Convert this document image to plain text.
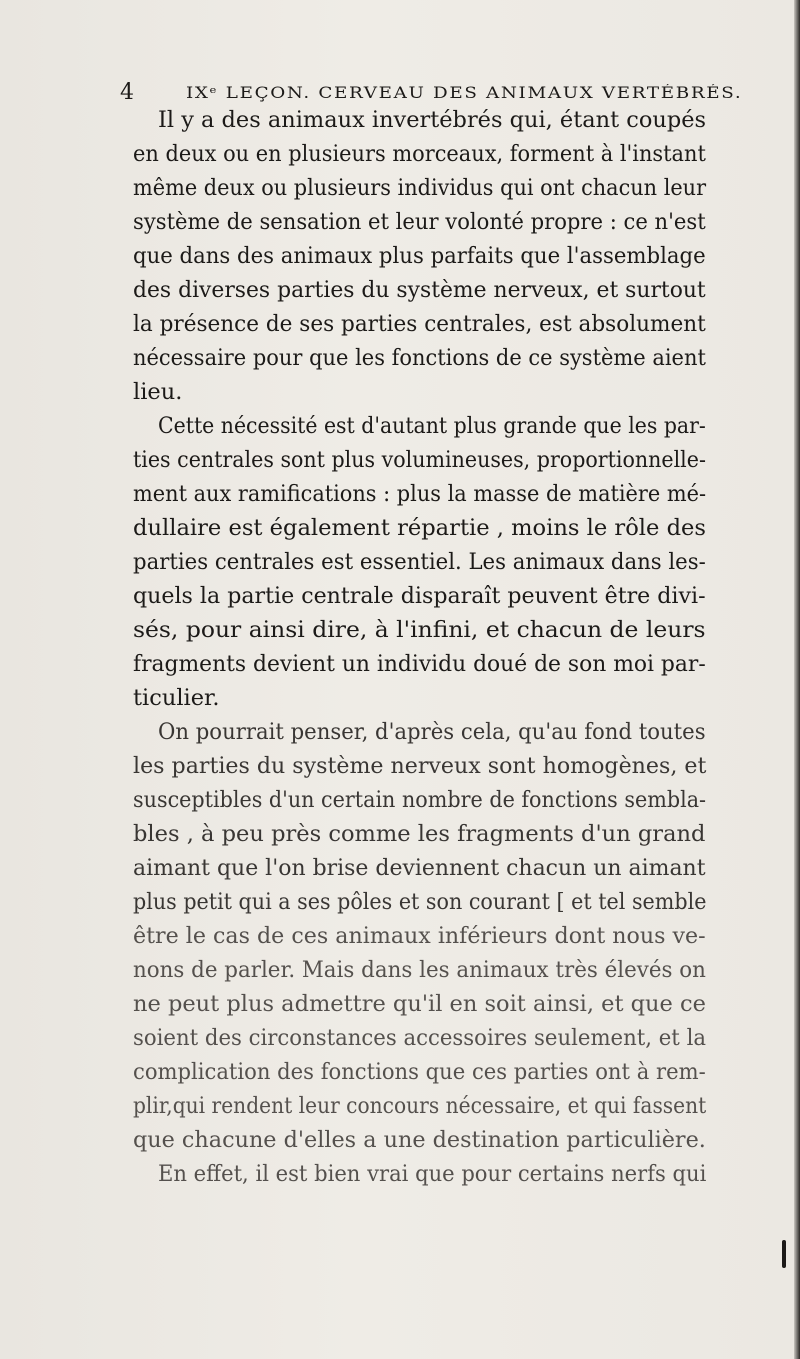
4	IXᵉ LEÇON. CERVEAU DES ANIMAUX VERTÉBRÉS.
Il y a des animaux invertébrés qui, étant coupés
en deux ou en plusieurs morceaux, forment à l'instant
même deux ou plusieurs individus qui ont chacun leur
système de sensation et leur volonté propre : ce n'est
que dans des animaux plus parfaits que l'assemblage
des diverses parties du système nerveux, et surtout
la présence de ses parties centrales, est absolument
nécessaire pour que les fonctions de ce système aient
lieu.
Cette nécessité est d'autant plus grande que les par-
ties centrales sont plus volumineuses, proportionnelle-
ment aux ramifications : plus la masse de matière mé-
dullaire est également répartie , moins le rôle des
parties centrales est essentiel. Les animaux dans les-
quels la partie centrale disparaît peuvent être divi-
sés, pour ainsi dire, à l'infini, et chacun de leurs
fragments devient un individu doué de son moi par-
ticulier.
On pourrait penser, d'après cela, qu'au fond toutes
les parties du système nerveux sont homogènes, et
susceptibles d'un certain nombre de fonctions sembla-
bles , à peu près comme les fragments d'un grand
aimant que l'on brise deviennent chacun un aimant
plus petit qui a ses pôles et son courant [ et tel semble
être le cas de ces animaux inférieurs dont nous ve-
nons de parler. Mais dans les animaux très élevés on
ne peut plus admettre qu'il en soit ainsi, et que ce
soient des circonstances accessoires seulement, et la
complication des fonctions que ces parties ont à rem-
plir,qui rendent leur concours nécessaire, et qui fassent
que chacune d'elles a une destination particulière.
En effet, il est bien vrai que pour certains nerfs qui
